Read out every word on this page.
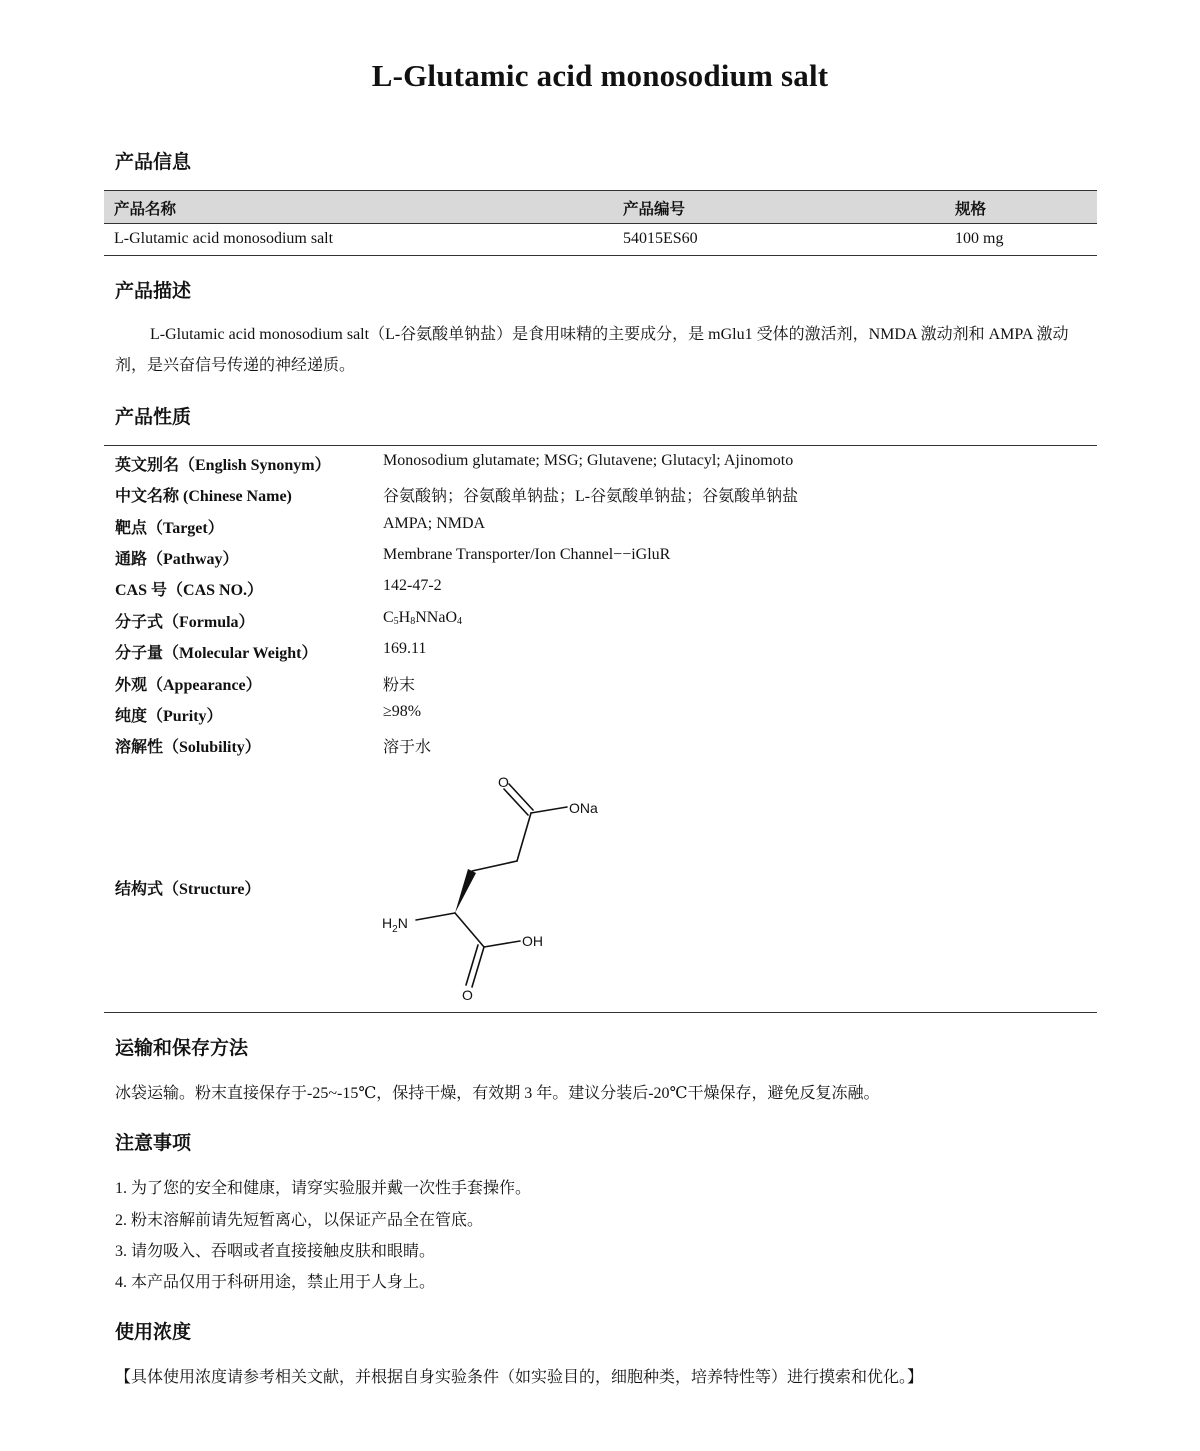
L-Glutamic acid monosodium salt
产品信息
产品名称	产品编号	规格
L-Glutamic acid monosodium salt	54015ES60	100 mg
产品描述

L-Glutamic acid monosodium salt（L-谷氨酸单钠盐）是食用味精的主要成分，是 mGlu1 受体的激活剂，NMDA 激动剂和 AMPA 激动剂，是兴奋信号传递的神经递质。

产品性质
英文别名（English Synonym）	Monosodium glutamate; MSG; Glutavene; Glutacyl; Ajinomoto
中文名称 (Chinese Name)	谷氨酸钠；谷氨酸单钠盐；L-谷氨酸单钠盐；谷氨酸单钠盐
靶点（Target）	AMPA; NMDA
通路（Pathway）	Membrane Transporter/Ion Channel−−iGluR
CAS 号（CAS NO.）	142-47-2
分子式（Formula）	$C_5H_8NNaO_4$
分子量（Molecular Weight）	169.11
外观（Appearance）	粉末
纯度（Purity）	≥98%
溶解性（Solubility）	溶于水
结构式（Structure）
O
ONa
$H_2N$
OH
O
运输和保存方法
冰袋运输。粉末直接保存于-25~-15℃，保持干燥，有效期 3 年。建议分装后-20℃干燥保存，避免反复冻融。
注意事项
1. 为了您的安全和健康，请穿实验服并戴一次性手套操作。
2. 粉末溶解前请先短暂离心，以保证产品全在管底。
3. 请勿吸入、吞咽或者直接接触皮肤和眼睛。
4. 本产品仅用于科研用途，禁止用于人身上。
使用浓度
【具体使用浓度请参考相关文献，并根据自身实验条件（如实验目的，细胞种类，培养特性等）进行摸索和优化。】
